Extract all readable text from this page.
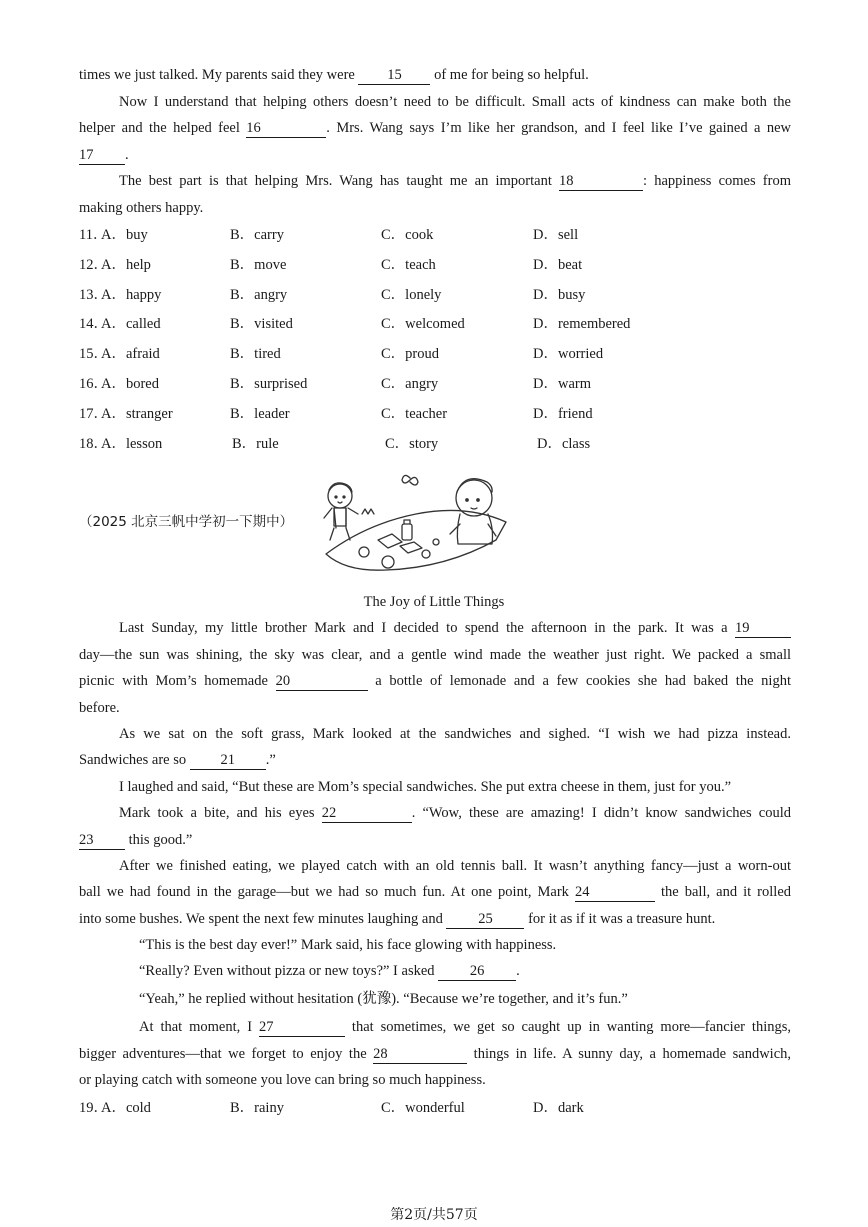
times we just talked. My parents said they were 15 of me for being so helpful.
Now I understand that helping others doesn’t need to be difficult. Small acts of kindness can make both the
helper and the helped feel 16	. Mrs. Wang says I’m like her grandson, and I feel like I’ve gained a new
17 .
The best part is that helping Mrs. Wang has taught me an important 18	: happiness comes from
making others happy.
11．
A．buy	B．carry	C．cook	D．sell
12．
A．help	B．move	C．teach	D．beat
13．
A．happy	B．angry	C．lonely	D．busy
14．
A．called	B．visited	C．welcomed	D．remembered
15．
A．afraid	B．tired	C．proud	D．worried
16．
A．bored	B．surprised	C．angry	D．warm
17．
A．stranger	B．leader	C．teacher	D．friend
18．
A．lesson	B．rule	C．story	D．class
（2025 北京三帆中学初一下期中）
The Joy of Little Things
Last Sunday, my little brother Mark and I decided to spend the afternoon in the park. It was a 19
day—the sun was shining, the sky was clear, and a gentle wind made the weather just right. We packed a small
picnic with Mom’s homemade 20	a bottle of lemonade and a few cookies she had baked the night
before.
As we sat on the soft grass, Mark looked at the sandwiches and sighed. “I wish we had pizza instead.
Sandwiches are so 21 .”
I laughed and said, “But these are Mom’s special sandwiches. She put extra cheese in them, just for you.”
Mark took a bite, and his eyes 22	. “Wow, these are amazing! I didn’t know sandwiches could
23 this good.”
After we finished eating, we played catch with an old tennis ball. It wasn’t anything fancy—just a worn-out
ball we had found in the garage—but we had so much fun. At one point, Mark 24	the ball, and it rolled
into some bushes. We spent the next few minutes laughing and 25 for it as if it was a treasure hunt.
“This is the best day ever!” Mark said, his face glowing with happiness.
“Really? Even without pizza or new toys?” I asked 26 .
“Yeah,” he replied without hesitation (犹豫). “Because we’re together, and it’s fun.”
At that moment, I 27	that sometimes, we get so caught up in wanting more—fancier things,
bigger adventures—that we forget to enjoy the 28	things in life. A sunny day, a homemade sandwich,
or playing catch with someone you love can bring so much happiness.
19．
A．cold	B．rainy	C．wonderful	D．dark
第2页/共57页
